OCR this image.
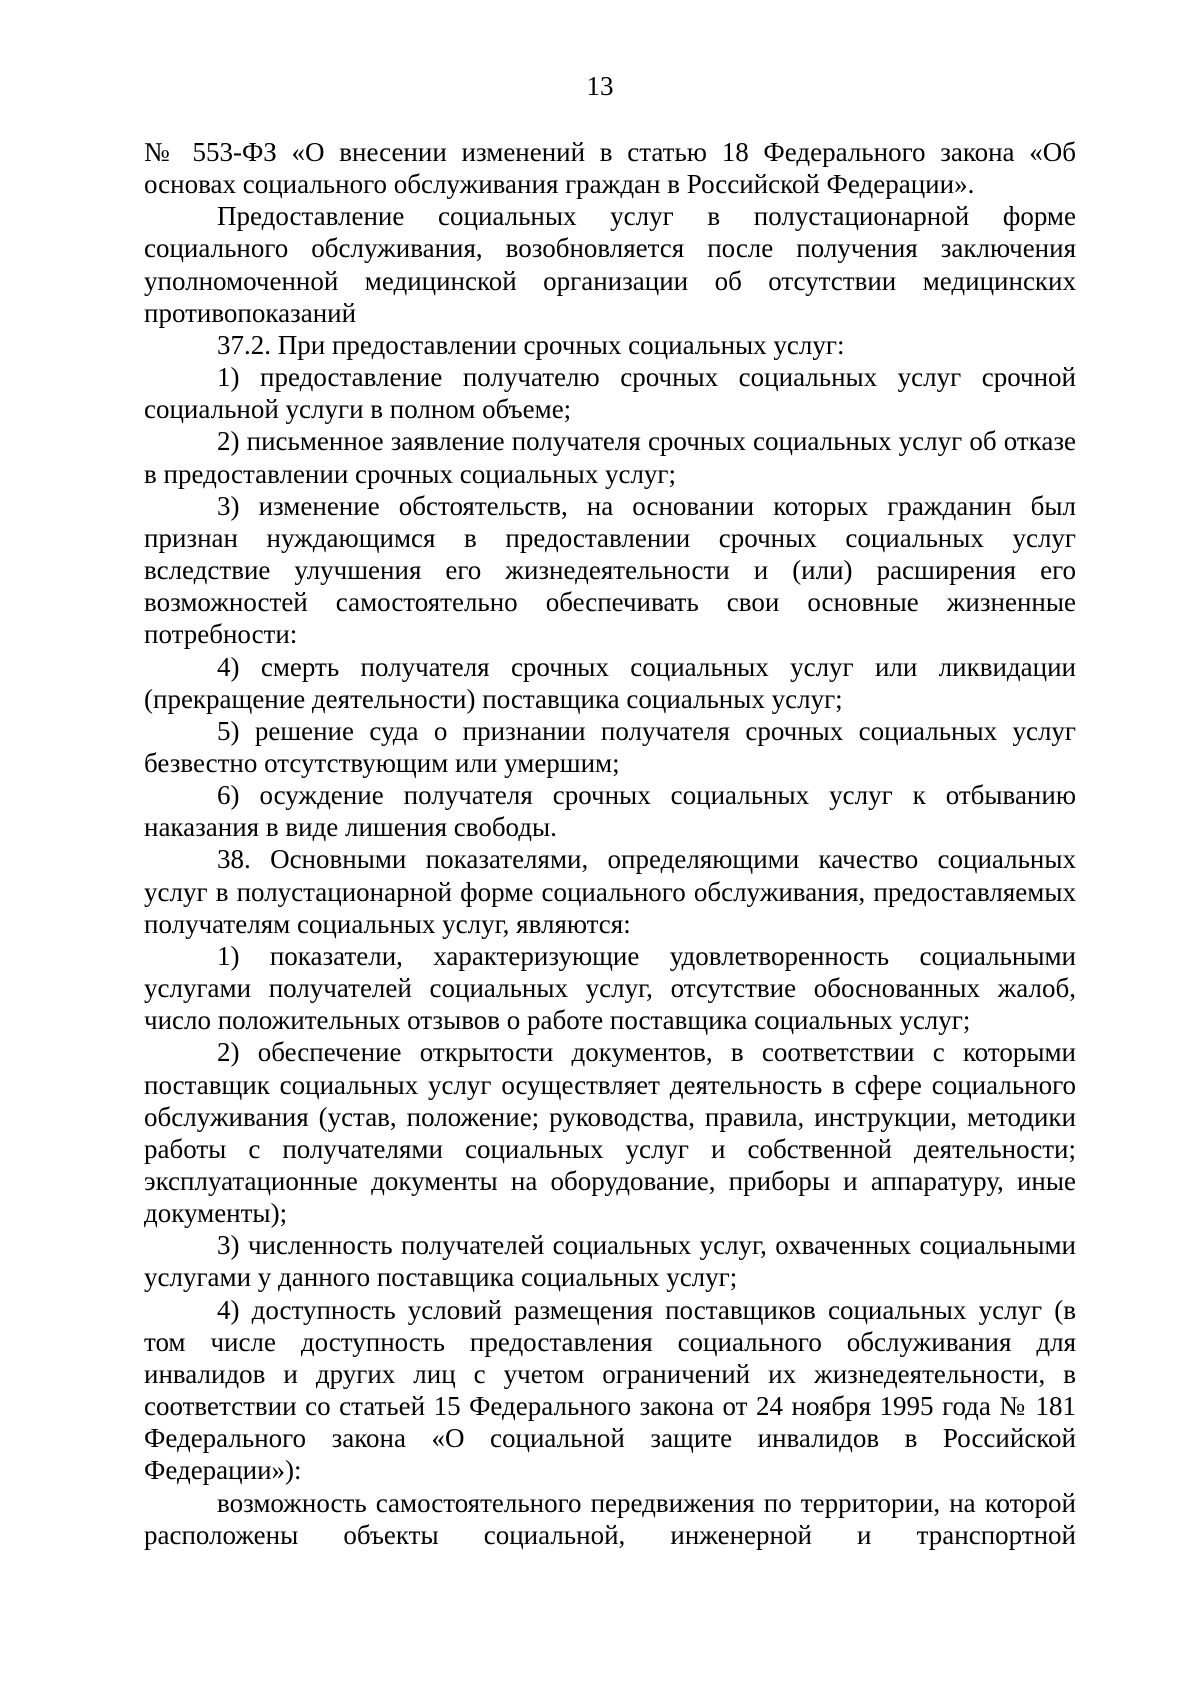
13

№ 553-ФЗ «О внесении изменений в статью 18 Федерального закона «Об основах социального обслуживания граждан в Российской Федерации».

Предоставление социальных услуг в полустационарной форме социального обслуживания, возобновляется после получения заключения уполномоченной медицинской организации об отсутствии медицинских противопоказаний

37.2. При предоставлении срочных социальных услуг:

1) предоставление получателю срочных социальных услуг срочной социальной услуги в полном объеме;

2) письменное заявление получателя срочных социальных услуг об отказе в предоставлении срочных социальных услуг;

3) изменение обстоятельств, на основании которых гражданин был признан нуждающимся в предоставлении срочных социальных услуг вследствие улучшения его жизнедеятельности и (или) расширения его возможностей самостоятельно обеспечивать свои основные жизненные потребности:

4) смерть получателя срочных социальных услуг или ликвидации (прекращение деятельности) поставщика социальных услуг;

5) решение суда о признании получателя срочных социальных услуг безвестно отсутствующим или умершим;

6) осуждение получателя срочных социальных услуг к отбыванию наказания в виде лишения свободы.

38. Основными показателями, определяющими качество социальных услуг в полустационарной форме социального обслуживания, предоставляемых получателям социальных услуг, являются:

1) показатели, характеризующие удовлетворенность социальными услугами получателей социальных услуг, отсутствие обоснованных жалоб, число положительных отзывов о работе поставщика социальных услуг;

2) обеспечение открытости документов, в соответствии с которыми поставщик социальных услуг осуществляет деятельность в сфере социального обслуживания (устав, положение; руководства, правила, инструкции, методики работы с получателями социальных услуг и собственной деятельности; эксплуатационные документы на оборудование, приборы и аппаратуру, иные документы);

3) численность получателей социальных услуг, охваченных социальными услугами у данного поставщика социальных услуг;

4) доступность условий размещения поставщиков социальных услуг (в том числе доступность предоставления социального обслуживания для инвалидов и других лиц с учетом ограничений их жизнедеятельности, в соответствии со статьей 15 Федерального закона от 24 ноября 1995 года № 181 Федерального закона «О социальной защите инвалидов в Российской Федерации»):

возможность самостоятельного передвижения по территории, на которой расположены объекты социальной, инженерной и транспортной
